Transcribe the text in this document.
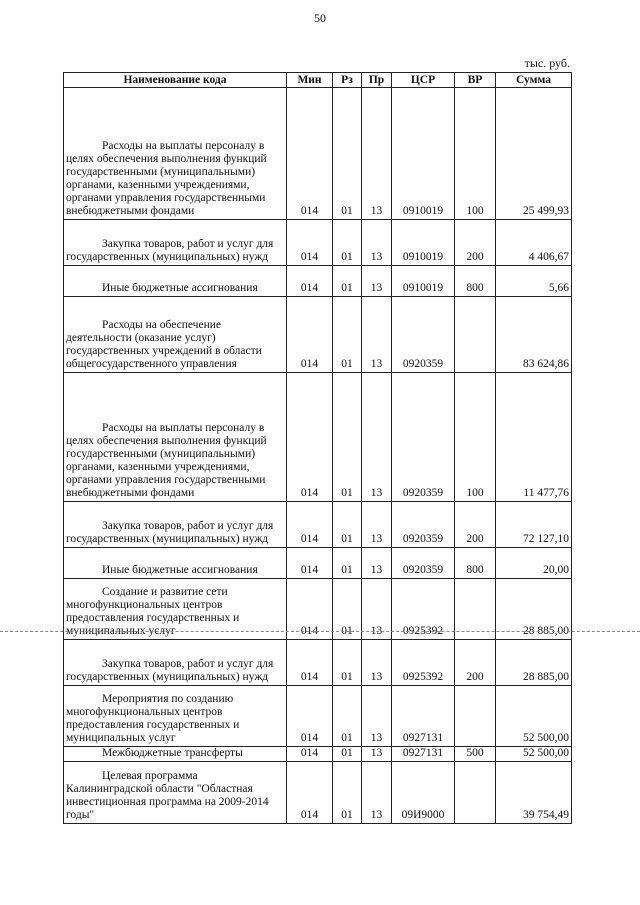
50
тыс. руб.
Наименование кода	Мин	Рз	Пр	ЦСР	ВР	Сумма
Расходы на выплаты персоналу в целях обеспечения выполнения функций государственными (муниципальными) органами, казенными учреждениями, органами управления государственными внебюджетными фондами	014	01	13	0910019	100	25 499,93
Закупка товаров, работ и услуг для государственных (муниципальных) нужд	014	01	13	0910019	200	4 406,67
Иные бюджетные ассигнования	014	01	13	0910019	800	5,66
Расходы на обеспечение деятельности (оказание услуг) государственных учреждений в области общегосударственного управления	014	01	13	0920359		83 624,86
Расходы на выплаты персоналу в целях обеспечения выполнения функций государственными (муниципальными) органами, казенными учреждениями, органами управления государственными внебюджетными фондами	014	01	13	0920359	100	11 477,76
Закупка товаров, работ и услуг для государственных (муниципальных) нужд	014	01	13	0920359	200	72 127,10
Иные бюджетные ассигнования	014	01	13	0920359	800	20,00
Создание и развитие сети многофункциональных центров предоставления государственных и муниципальных услуг	014	01	13	0925392		28 885,00
Закупка товаров, работ и услуг для государственных (муниципальных) нужд	014	01	13	0925392	200	28 885,00
Мероприятия по созданию многофункциональных центров предоставления государственных и муниципальных услуг	014	01	13	0927131		52 500,00
Межбюджетные трансферты	014	01	13	0927131	500	52 500,00
Целевая программа Калининградской области "Областная инвестиционная программа на 2009-2014 годы"	014	01	13	09И9000		39 754,49
